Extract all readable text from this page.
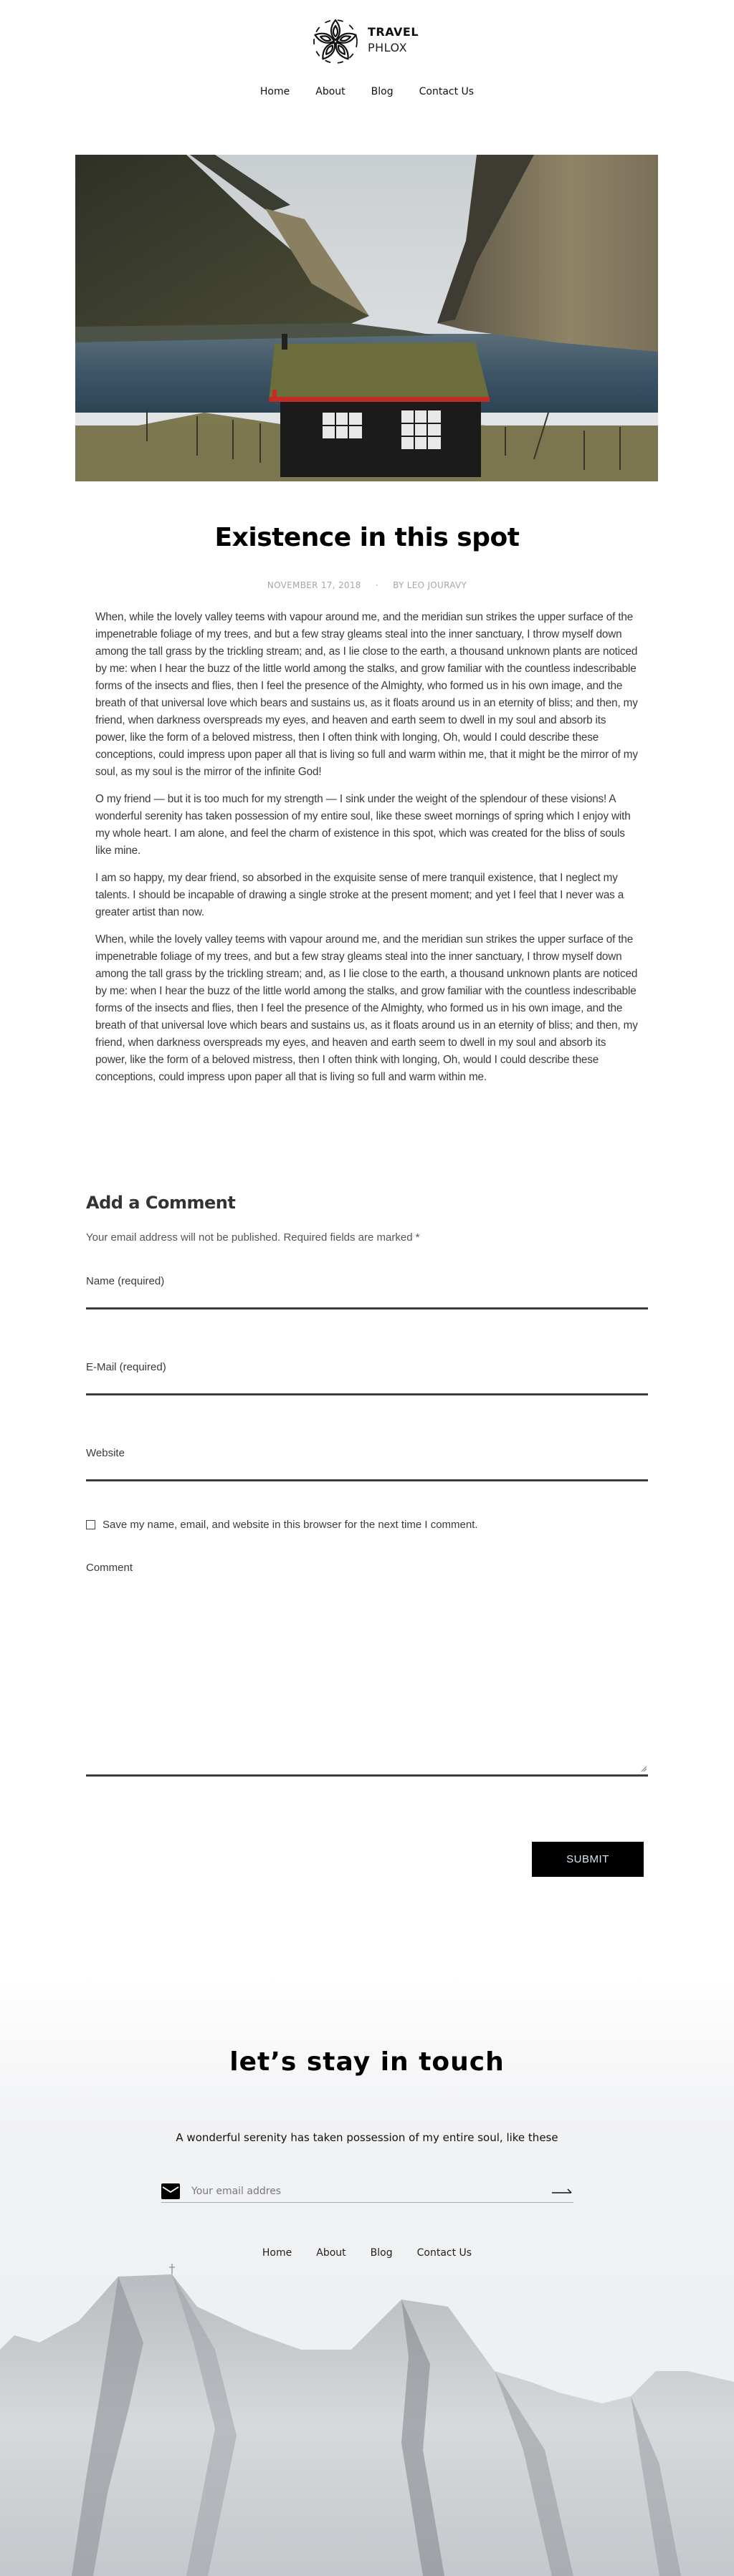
TRAVEL
PHLOX
Home	About	Blog	Contact Us
Existence in this spot
NOVEMBER 17, 2018 · BY LEO JOURAVY

When, while the lovely valley teems with vapour around me, and the meridian sun strikes the upper surface of the impenetrable foliage of my trees, and but a few stray gleams steal into the inner sanctuary, I throw myself down among the tall grass by the trickling stream; and, as I lie close to the earth, a thousand unknown plants are noticed by me: when I hear the buzz of the little world among the stalks, and grow familiar with the countless indescribable forms of the insects and flies, then I feel the presence of the Almighty, who formed us in his own image, and the breath of that universal love which bears and sustains us, as it floats around us in an eternity of bliss; and then, my friend, when darkness overspreads my eyes, and heaven and earth seem to dwell in my soul and absorb its power, like the form of a beloved mistress, then I often think with longing, Oh, would I could describe these conceptions, could impress upon paper all that is living so full and warm within me, that it might be the mirror of my soul, as my soul is the mirror of the infinite God!

O my friend — but it is too much for my strength — I sink under the weight of the splendour of these visions! A wonderful serenity has taken possession of my entire soul, like these sweet mornings of spring which I enjoy with my whole heart. I am alone, and feel the charm of existence in this spot, which was created for the bliss of souls like mine.

I am so happy, my dear friend, so absorbed in the exquisite sense of mere tranquil existence, that I neglect my talents. I should be incapable of drawing a single stroke at the present moment; and yet I feel that I never was a greater artist than now.

When, while the lovely valley teems with vapour around me, and the meridian sun strikes the upper surface of the impenetrable foliage of my trees, and but a few stray gleams steal into the inner sanctuary, I throw myself down among the tall grass by the trickling stream; and, as I lie close to the earth, a thousand unknown plants are noticed by me: when I hear the buzz of the little world among the stalks, and grow familiar with the countless indescribable forms of the insects and flies, then I feel the presence of the Almighty, who formed us in his own image, and the breath of that universal love which bears and sustains us, as it floats around us in an eternity of bliss; and then, my friend, when darkness overspreads my eyes, and heaven and earth seem to dwell in my soul and absorb its power, like the form of a beloved mistress, then I often think with longing, Oh, would I could describe these conceptions, could impress upon paper all that is living so full and warm within me.

Add a Comment

Your email address will not be published. Required fields are marked *

Name (required)
E-Mail (required)
Website
Save my name, email, and website in this browser for the next time I comment.
Comment
SUBMIT
let’s stay in touch

A wonderful serenity has taken possession of my entire soul, like these

Your email addres
Home About Blog Contact Us
